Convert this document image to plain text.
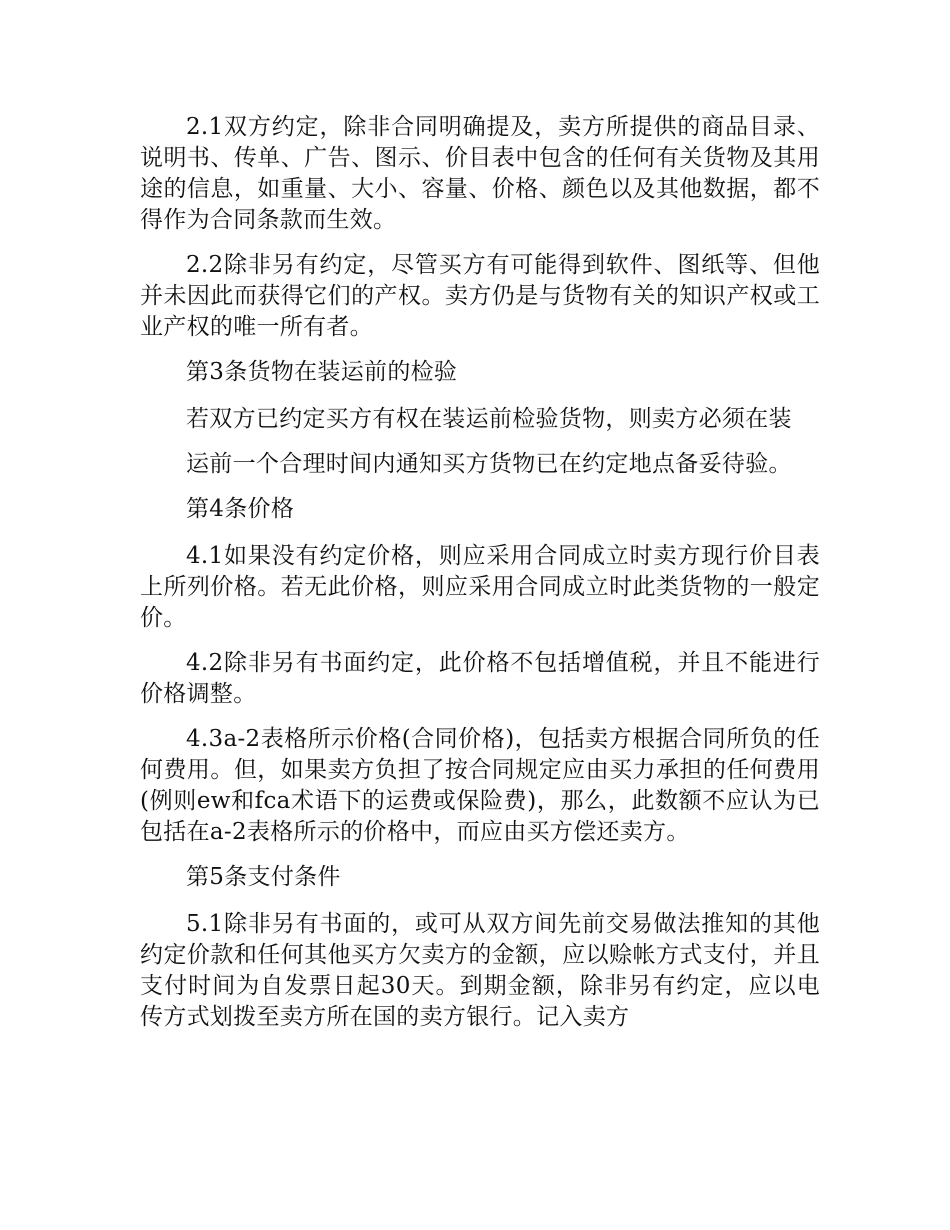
2.1双方约定，除非合同明确提及，卖方所提供的商品目录、说明书、传单、广告、图示、价目表中包含的任何有关货物及其用途的信息，如重量、大小、容量、价格、颜色以及其他数据，都不得作为合同条款而生效。

2.2除非另有约定，尽管买方有可能得到软件、图纸等、但他并未因此而获得它们的产权。卖方仍是与货物有关的知识产权或工业产权的唯一所有者。

第3条货物在装运前的检验

若双方已约定买方有权在装运前检验货物，则卖方必须在装

运前一个合理时间内通知买方货物已在约定地点备妥待验。

第4条价格

4.1如果没有约定价格，则应采用合同成立时卖方现行价目表上所列价格。若无此价格，则应采用合同成立时此类货物的一般定价。

4.2除非另有书面约定，此价格不包括增值税，并且不能进行价格调整。

4.3a-2表格所示价格(合同价格)，包括卖方根据合同所负的任何费用。但，如果卖方负担了按合同规定应由买力承担的任何费用(例则ew和fca术语下的运费或保险费)，那么，此数额不应认为已包括在a-2表格所示的价格中，而应由买方偿还卖方。

第5条支付条件

5.1除非另有书面的，或可从双方间先前交易做法推知的其他约定价款和任何其他买方欠卖方的金额，应以赊帐方式支付，并且支付时间为自发票日起30天。到期金额，除非另有约定，应以电传方式划拨至卖方所在国的卖方银行。记入卖方
